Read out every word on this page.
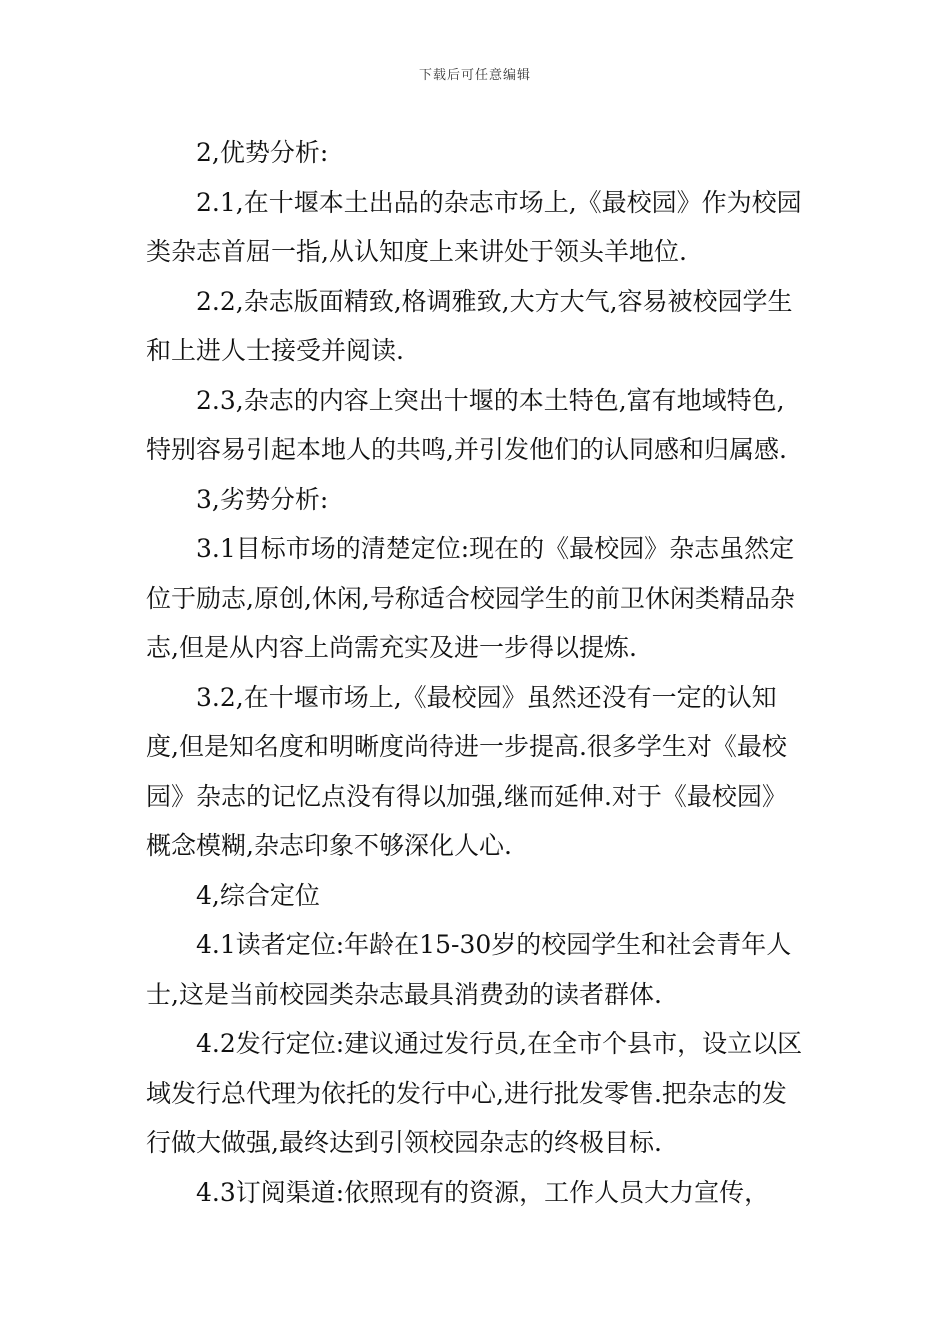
下载后可任意编辑

2,优势分析:

2.1,在十堰本土出品的杂志市场上,《最校园》作为校园类杂志首屈一指,从认知度上来讲处于领头羊地位.

2.2,杂志版面精致,格调雅致,大方大气,容易被校园学生和上进人士接受并阅读.

2.3,杂志的内容上突出十堰的本土特色,富有地域特色,特别容易引起本地人的共鸣,并引发他们的认同感和归属感.

3,劣势分析:

3.1目标市场的清楚定位:现在的《最校园》杂志虽然定位于励志,原创,休闲,号称适合校园学生的前卫休闲类精品杂志,但是从内容上尚需充实及进一步得以提炼.

3.2,在十堰市场上,《最校园》虽然还没有一定的认知度,但是知名度和明晰度尚待进一步提高.很多学生对《最校园》杂志的记忆点没有得以加强,继而延伸.对于《最校园》概念模糊,杂志印象不够深化人心.

4,综合定位

4.1读者定位:年龄在15-30岁的校园学生和社会青年人士,这是当前校园类杂志最具消费劲的读者群体.

4.2发行定位:建议通过发行员,在全市个县市，设立以区域发行总代理为依托的发行中心,进行批发零售.把杂志的发行做大做强,最终达到引领校园杂志的终极目标.

4.3订阅渠道:依照现有的资源，工作人员大力宣传，
